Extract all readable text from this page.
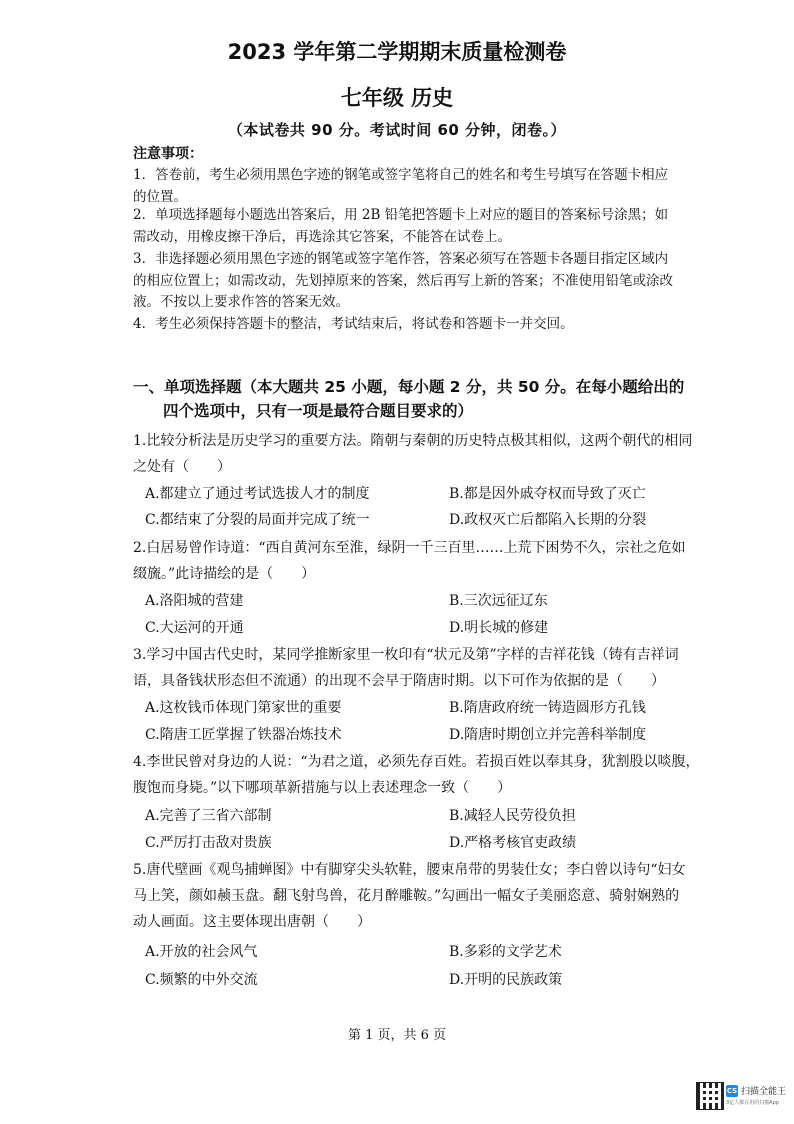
2023 学年第二学期期末质量检测卷
七年级 历史
（本试卷共 90 分。考试时间 60 分钟，闭卷。）
注意事项：
1．答卷前，考生必须用黑色字迹的钢笔或签字笔将自己的姓名和考生号填写在答题卡相应
的位置。
2．单项选择题每小题选出答案后，用 2B 铅笔把答题卡上对应的题目的答案标号涂黑；如
需改动，用橡皮擦干净后，再选涂其它答案，不能答在试卷上。
3．非选择题必须用黑色字迹的钢笔或签字笔作答，答案必须写在答题卡各题目指定区域内
的相应位置上；如需改动，先划掉原来的答案，然后再写上新的答案；不准使用铅笔或涂改
液。不按以上要求作答的答案无效。
4．考生必须保持答题卡的整洁，考试结束后，将试卷和答题卡一并交回。
一、单项选择题（本大题共 25 小题，每小题 2 分，共 50 分。在每小题给出的
四个选项中，只有一项是最符合题目要求的）
1.比较分析法是历史学习的重要方法。隋朝与秦朝的历史特点极其相似，这两个朝代的相同
之处有（　　）
A.都建立了通过考试选拔人才的制度	B.都是因外戚夺权而导致了灭亡
C.都结束了分裂的局面并完成了统一	D.政权灭亡后都陷入长期的分裂
2.白居易曾作诗道：“西自黄河东至淮，绿阴一千三百里……上荒下困势不久，宗社之危如
缀旒。”此诗描绘的是（　　）
A.洛阳城的营建	B.三次远征辽东
C.大运河的开通	D.明长城的修建
3.学习中国古代史时，某同学推断家里一枚印有“状元及第”字样的吉祥花钱（铸有吉祥词
语，具备钱状形态但不流通）的出现不会早于隋唐时期。以下可作为依据的是（　　）
A.这枚钱币体现门第家世的重要	B.隋唐政府统一铸造圆形方孔钱
C.隋唐工匠掌握了铁器冶炼技术	D.隋唐时期创立并完善科举制度
4.李世民曾对身边的人说：“为君之道，必须先存百姓。若损百姓以奉其身，犹割股以啖腹，
腹饱而身毙。”以下哪项革新措施与以上表述理念一致（　　）
A.完善了三省六部制	B.减轻人民劳役负担
C.严厉打击敌对贵族	D.严格考核官吏政绩
5.唐代壁画《观鸟捕蝉图》中有脚穿尖头软鞋，腰束帛带的男装仕女；李白曾以诗句“妇女
马上笑，颜如赪玉盘。翻飞射鸟兽，花月醉雕鞍。”勾画出一幅女子美丽恣意、骑射娴熟的
动人画面。这主要体现出唐朝（　　）
A.开放的社会风气	B.多彩的文学艺术
C.频繁的中外交流	D.开明的民族政策
第 1 页，共 6 页
CS 扫描全能王
3亿人都在用的扫描App
